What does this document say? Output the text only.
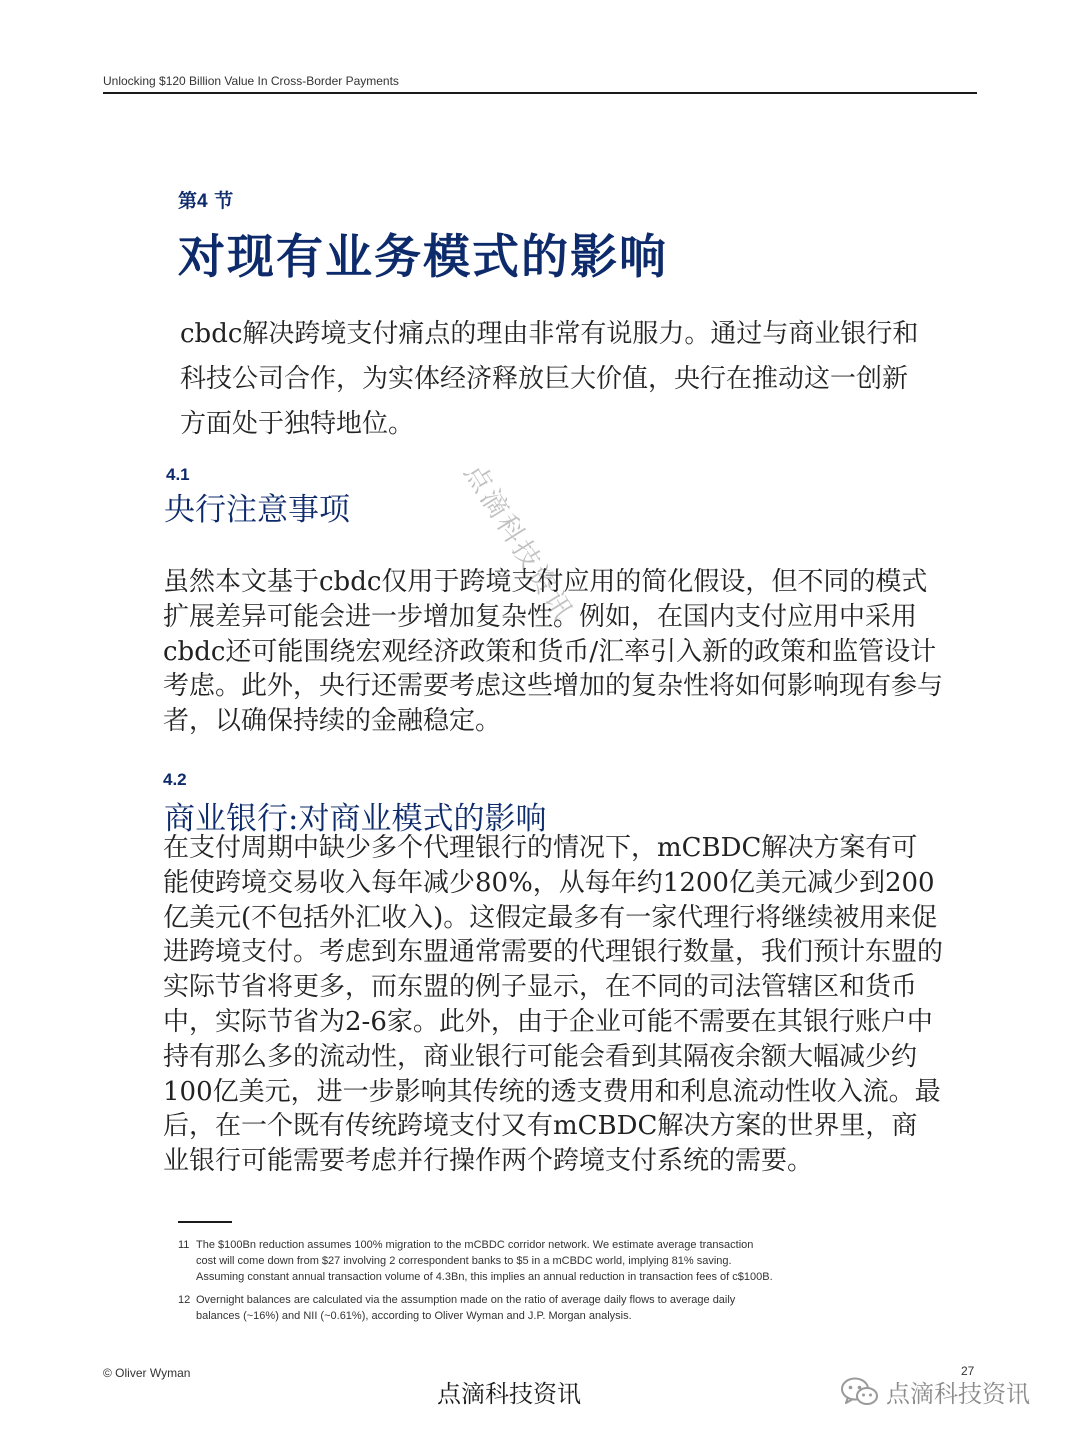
Unlocking $120 Billion Value In Cross-Border Payments
第4 节
对现有业务模式的影响

cbdc解决跨境支付痛点的理由非常有说服力。通过与商业银行和科技公司合作，为实体经济释放巨大价值，央行在推动这一创新方面处于独特地位。

4.1
央行注意事项

虽然本文基于cbdc仅用于跨境支付应用的简化假设，但不同的模式扩展差异可能会进一步增加复杂性。例如，在国内支付应用中采用cbdc还可能围绕宏观经济政策和货币/汇率引入新的政策和监管设计考虑。此外，央行还需要考虑这些增加的复杂性将如何影响现有参与者，以确保持续的金融稳定。

4.2
商业银行:对商业模式的影响

在支付周期中缺少多个代理银行的情况下，mCBDC解决方案有可能使跨境交易收入每年减少80%，从每年约1200亿美元减少到200亿美元(不包括外汇收入)。这假定最多有一家代理行将继续被用来促进跨境支付。考虑到东盟通常需要的代理银行数量，我们预计东盟的实际节省将更多，而东盟的例子显示，在不同的司法管辖区和货币中，实际节省为2-6家。此外，由于企业可能不需要在其银行账户中持有那么多的流动性，商业银行可能会看到其隔夜余额大幅减少约100亿美元，进一步影响其传统的透支费用和利息流动性收入流。最后，在一个既有传统跨境支付又有mCBDC解决方案的世界里，商业银行可能需要考虑并行操作两个跨境支付系统的需要。

11 The $100Bn reduction assumes 100% migration to the mCBDC corridor network. We estimate average transaction
cost will come down from $27 involving 2 correspondent banks to $5 in a mCBDC world, implying 81% saving.
Assuming constant annual transaction volume of 4.3Bn, this implies an annual reduction in transaction fees of c$100B.
12 Overnight balances are calculated via the assumption made on the ratio of average daily flows to average daily
balances (~16%) and NII (~0.61%), according to Oliver Wyman and J.P. Morgan analysis.
© Oliver Wyman	27
点滴科技资讯	点滴科技资讯
点滴科技资讯
